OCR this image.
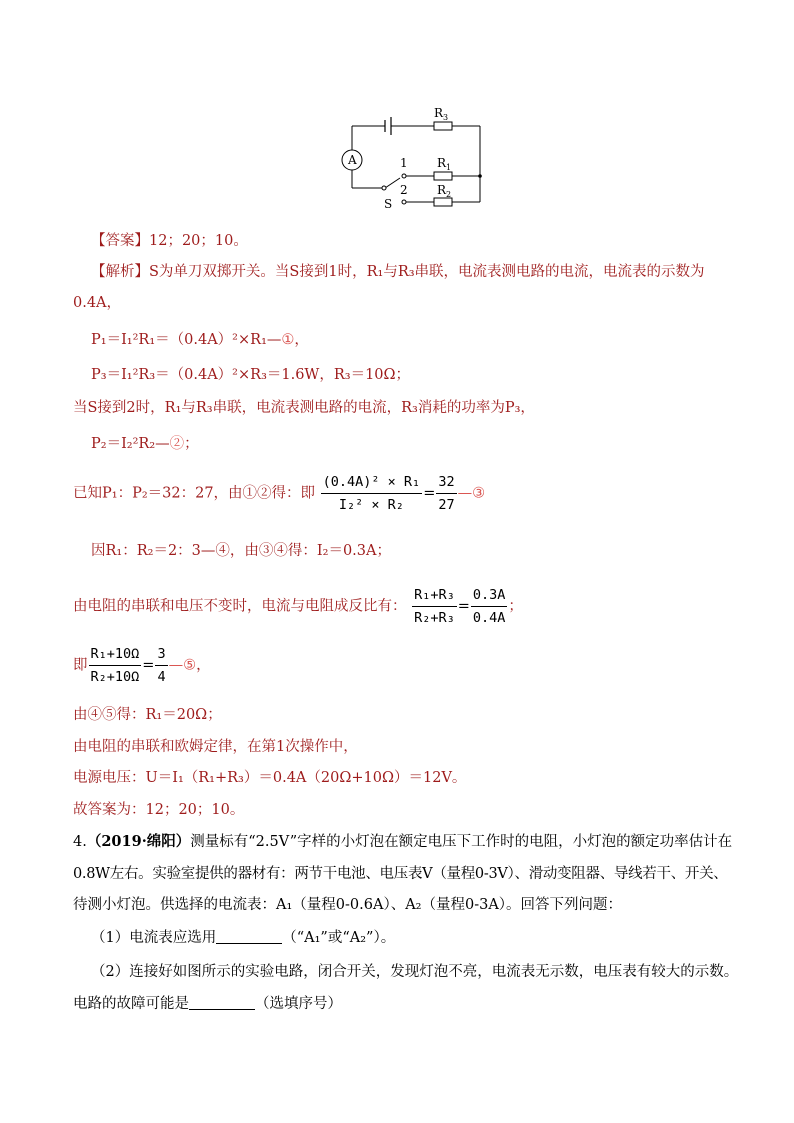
A
$R_3$
$R_1$
$R_2$
1
2
S
【答案】12；20；10。
【解析】S为单刀双掷开关。当S接到1时，R₁与R₃串联，电流表测电路的电流，电流表的示数为
0.4A，
P₁＝I₁²R₁＝（0.4A）²×R₁—①，
P₃＝I₁²R₃＝（0.4A）²×R₃＝1.6W，R₃＝10Ω；
当S接到2时，R₁与R₃串联，电流表测电路的电流，R₃消耗的功率为P₃，
P₂＝I₂²R₂—②；
已知P₁：P₂＝32：27，由①②得：即 $\frac{\text{(0.4A)² × R₁}}{\text{I₂² × R₂}} = \frac{32}{27}$ —③
因R₁：R₂＝2：3—④，由③④得：I₂＝0.3A；
由电阻的串联和电压不变时，电流与电阻成反比有： $\frac{\text{R₁+R₃}}{\text{R₂+R₃}} = \frac{0.3A}{0.4A}$ ；
即 $\frac{\text{R₁+10Ω}}{\text{R₂+10Ω}} = \frac{3}{4}$ —⑤，
由④⑤得：R₁＝20Ω；
由电阻的串联和欧姆定律，在第1次操作中，
电源电压：U＝I₁（R₁+R₃）＝0.4A（20Ω+10Ω）＝12V。
故答案为：12；20；10。
4.（2019·绵阳）测量标有“2.5V”字样的小灯泡在额定电压下工作时的电阻，小灯泡的额定功率估计在
0.8W左右。实验室提供的器材有：两节干电池、电压表V（量程0-3V）、滑动变阻器、导线若干、开关、
待测小灯泡。供选择的电流表：A₁（量程0-0.6A）、A₂（量程0-3A）。回答下列问题：
（1）电流表应选用	（“A₁”或“A₂”）。
（2）连接好如图所示的实验电路，闭合开关，发现灯泡不亮，电流表无示数，电压表有较大的示数。
电路的故障可能是	（选填序号）
